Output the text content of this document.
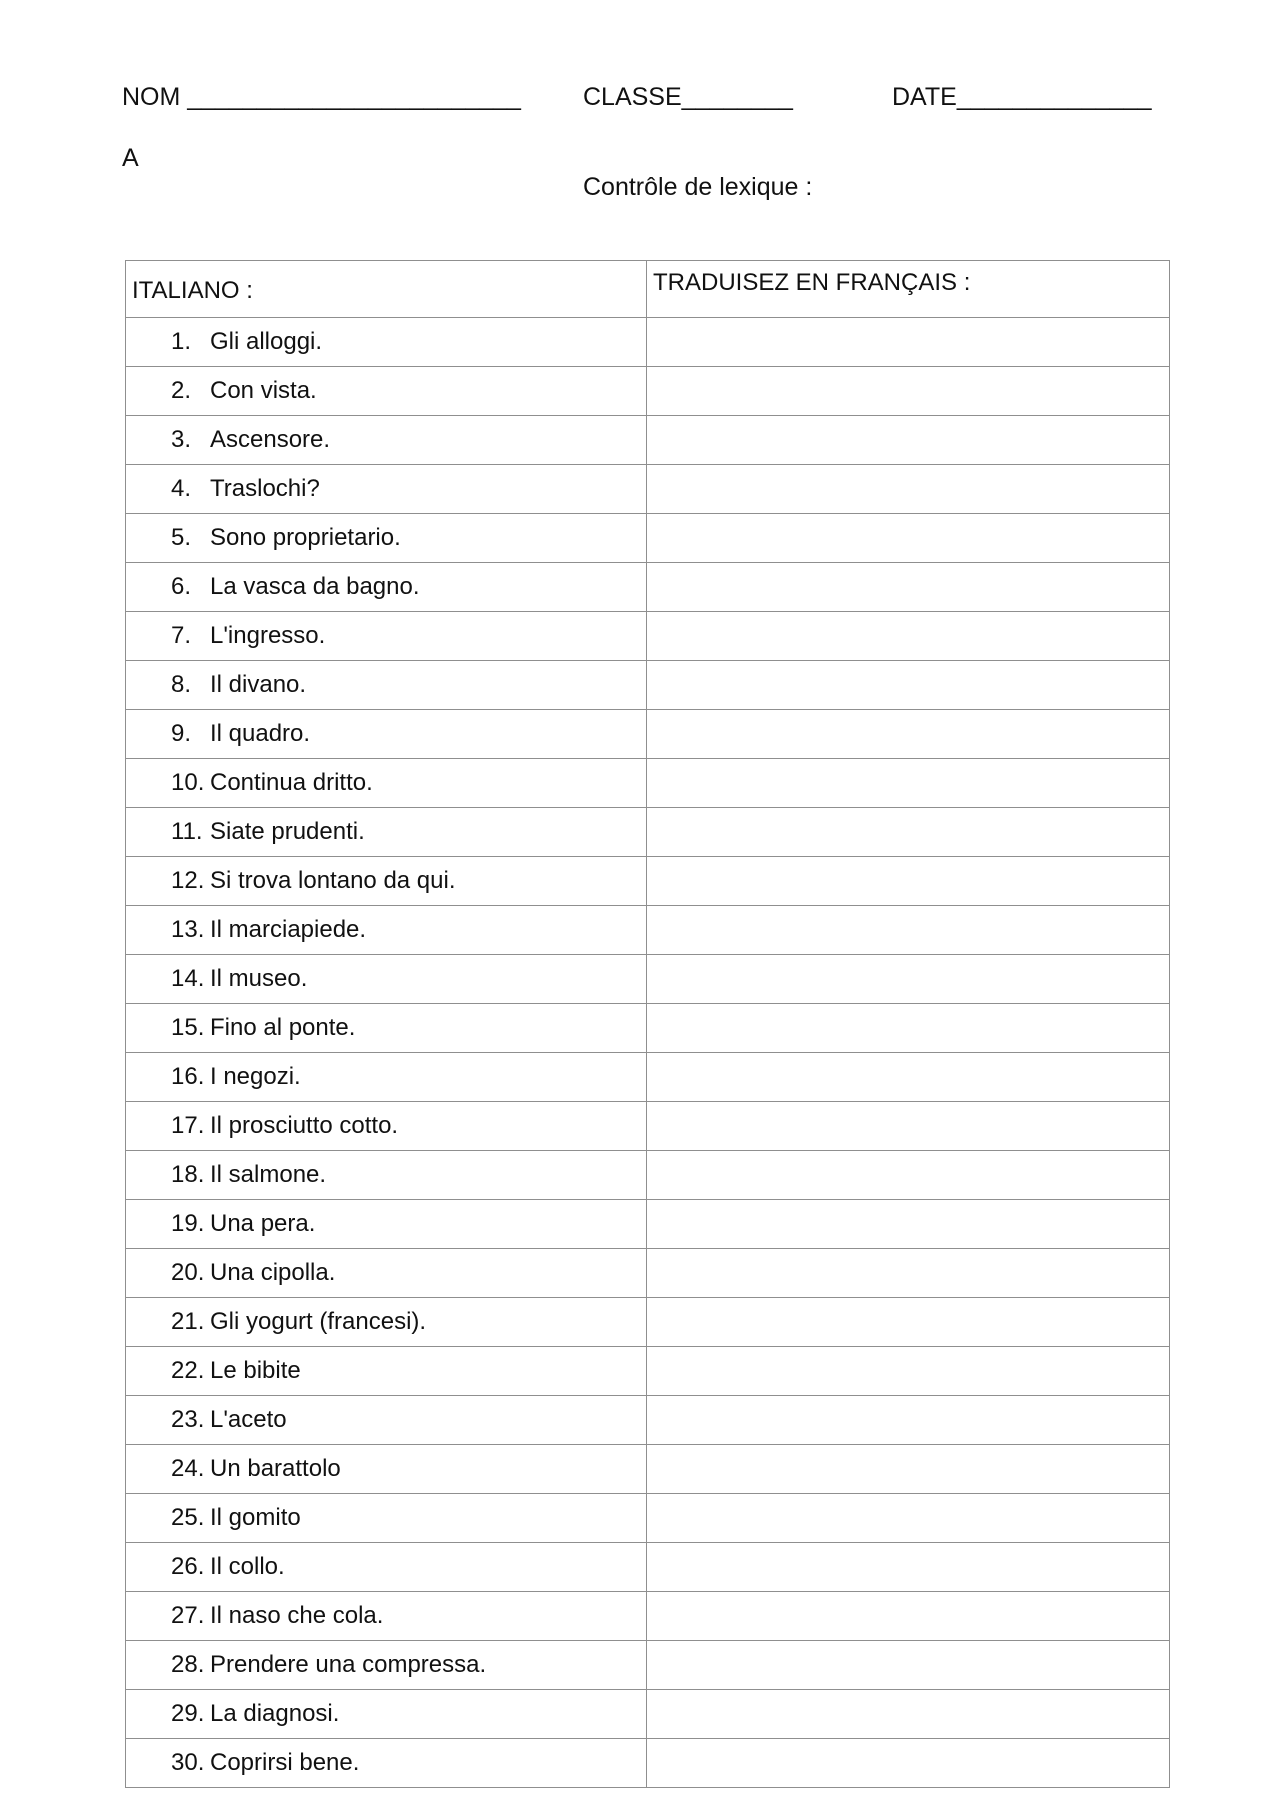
NOM ________________________ CLASSE________	DATE______________
A
Contrôle de lexique :
ITALIANO :	TRADUISEZ EN FRANÇAIS :

1. Gli alloggi.	

2. Con vista.	

3. Ascensore.	

4. Traslochi?	

5. Sono proprietario.	

6. La vasca da bagno.	

7. L'ingresso.	

8. Il divano.	

9. Il quadro.	

10. Continua dritto.	

11. Siate prudenti.	

12. Si trova lontano da qui.	

13. Il marciapiede.	

14. Il museo.	

15. Fino al ponte.	

16. I negozi.	

17. Il prosciutto cotto.	

18. Il salmone.	

19. Una pera.	

20. Una cipolla.	

21. Gli yogurt (francesi).	

22. Le bibite	

23. L'aceto	

24. Un barattolo	

25. Il gomito	

26. Il collo.	

27. Il naso che cola.	

28. Prendere una compressa.	

29. La diagnosi.	

30. Coprirsi bene.	
